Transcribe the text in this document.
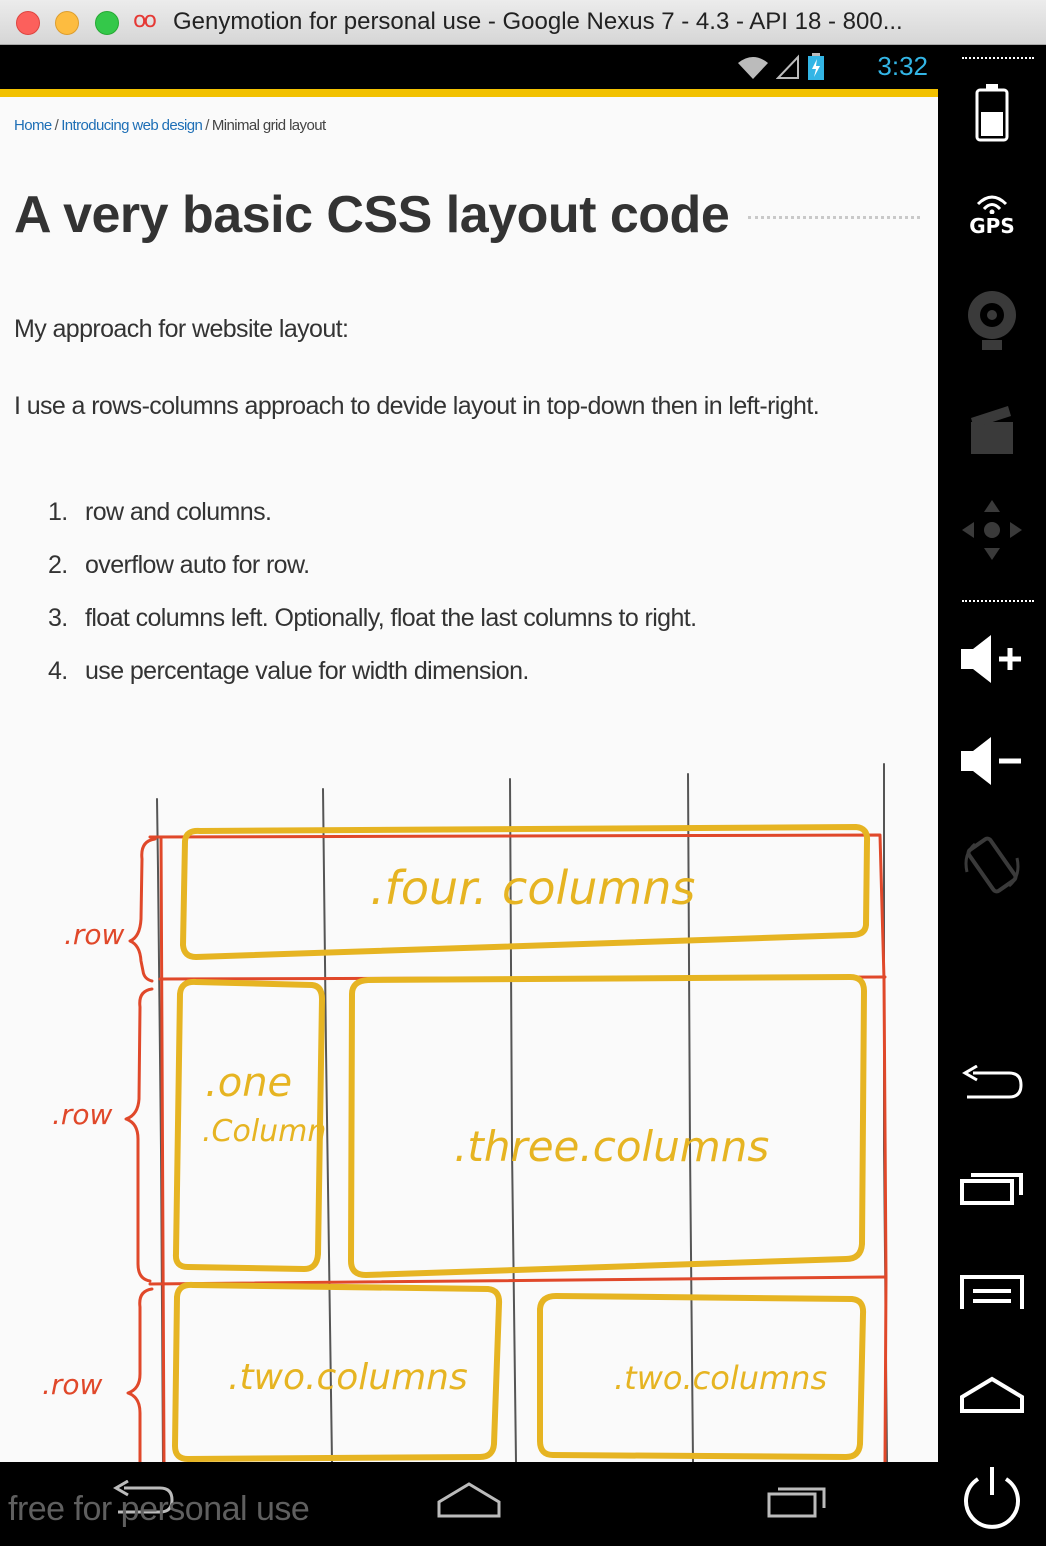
oo Genymotion for personal use - Google Nexus 7 - 4.3 - API 18 - 800...
3:32
Home / Introducing web design / Minimal grid layout
A very basic CSS layout code

My approach for website layout:

I use a rows-columns approach to devide layout in top-down then in left-right.

1. row and columns.
2. overflow auto for row.
3. float columns left. Optionally, float the last columns to right.
4. use percentage value for width dimension.
.row
.row
.row
.four. columns
.one
.Column	.three.columns
.two.columns	.two.columns
free for personal use
GPS
